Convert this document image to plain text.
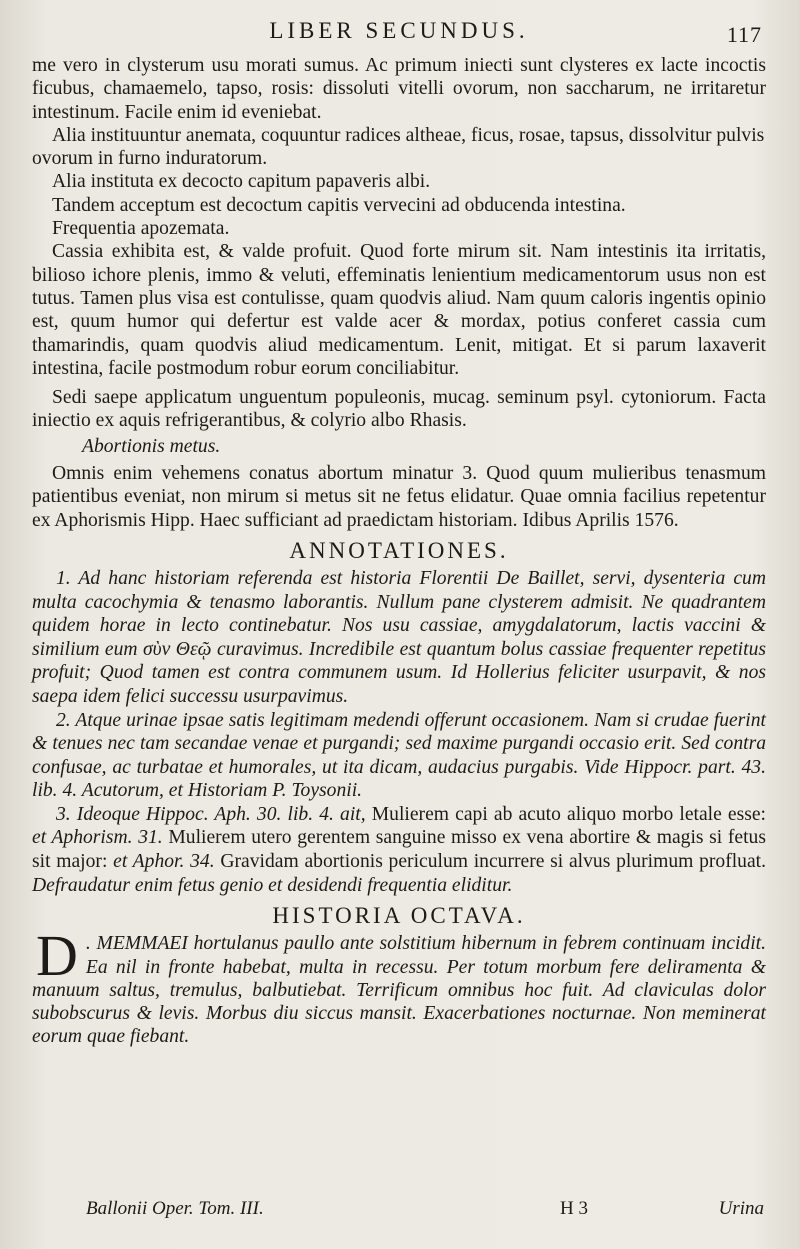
LIBER SECUNDUS.	117

me vero in clysterum usu morati sumus. Ac primum iniecti sunt clysteres ex lacte incoctis ficubus, chamaemelo, tapso, rosis: dissoluti vitelli ovorum, non saccharum, ne irritaretur intestinum. Facile enim id eveniebat.

Alia instituuntur anemata, coquuntur radices altheae, ficus, rosae, tapsus, dissolvitur pulvis ovorum in furno induratorum.

Alia instituta ex decocto capitum papaveris albi.

Tandem acceptum est decoctum capitis vervecini ad obducenda intestina.

Frequentia apozemata.

Cassia exhibita est, & valde profuit. Quod forte mirum sit. Nam intestinis ita irritatis, bilioso ichore plenis, immo & veluti, effeminatis lenientium medicamentorum usus non est tutus. Tamen plus visa est contulisse, quam quodvis aliud. Nam quum caloris ingentis opinio est, quum humor qui defertur est valde acer & mordax, potius conferet cassia cum thamarindis, quam quodvis aliud medicamentum. Lenit, mitigat. Et si parum laxaverit intestina, facile postmodum robur eorum conciliabitur.

Sedi saepe applicatum unguentum populeonis, mucag. seminum psyl. cytoniorum. Facta iniectio ex aquis refrigerantibus, & colyrio albo Rhasis.

Abortionis metus.

Omnis enim vehemens conatus abortum minatur 3. Quod quum mulieribus tenasmum patientibus eveniat, non mirum si metus sit ne fetus elidatur. Quae omnia facilius repetentur ex Aphorismis Hipp. Haec sufficiant ad praedictam historiam. Idibus Aprilis 1576.

ANNOTATIONES.

1. Ad hanc historiam referenda est historia Florentii De Baillet, servi, dysenteria cum multa cacochymia & tenasmo laborantis. Nullum pane clysterem admisit. Ne quadrantem quidem horae in lecto continebatur. Nos usu cassiae, amygdalatorum, lactis vaccini & similium eum σὺν Θεῷ curavimus. Incredibile est quantum bolus cassiae frequenter repetitus profuit; Quod tamen est contra communem usum. Id Hollerius feliciter usurpavit, & nos saepa idem felici successu usurpavimus.

2. Atque urinae ipsae satis legitimam medendi offerunt occasionem. Nam si crudae fuerint & tenues nec tam secandae venae et purgandi; sed maxime purgandi occasio erit. Sed contra confusae, ac turbatae et humorales, ut ita dicam, audacius purgabis. Vide Hippocr. part. 43. lib. 4. Acutorum, et Historiam P. Toysonii.

3. Ideoque Hippoc. Aph. 30. lib. 4. ait, Mulierem capi ab acuto aliquo morbo letale esse: et Aphorism. 31. Mulierem utero gerentem sanguine misso ex vena abortire & magis si fetus sit major: et Aphor. 34. Gravidam abortionis periculum incurrere si alvus plurimum profluat. Defraudatur enim fetus genio et desidendi frequentia eliditur.

HISTORIA OCTAVA.
D . MEMMAEI hortulanus paullo ante solstitium hibernum in febrem continuam incidit. Ea nil in fronte habebat, multa in recessu. Per totum morbum fere deliramenta & manuum saltus, tremulus, balbutiebat. Terrificum omnibus hoc fuit. Ad claviculas dolor subobscurus & levis. Morbus diu siccus mansit. Exacerbationes nocturnae. Non meminerat eorum quae fiebant.
Ballonii Oper. Tom. III.	H 3	Urina
